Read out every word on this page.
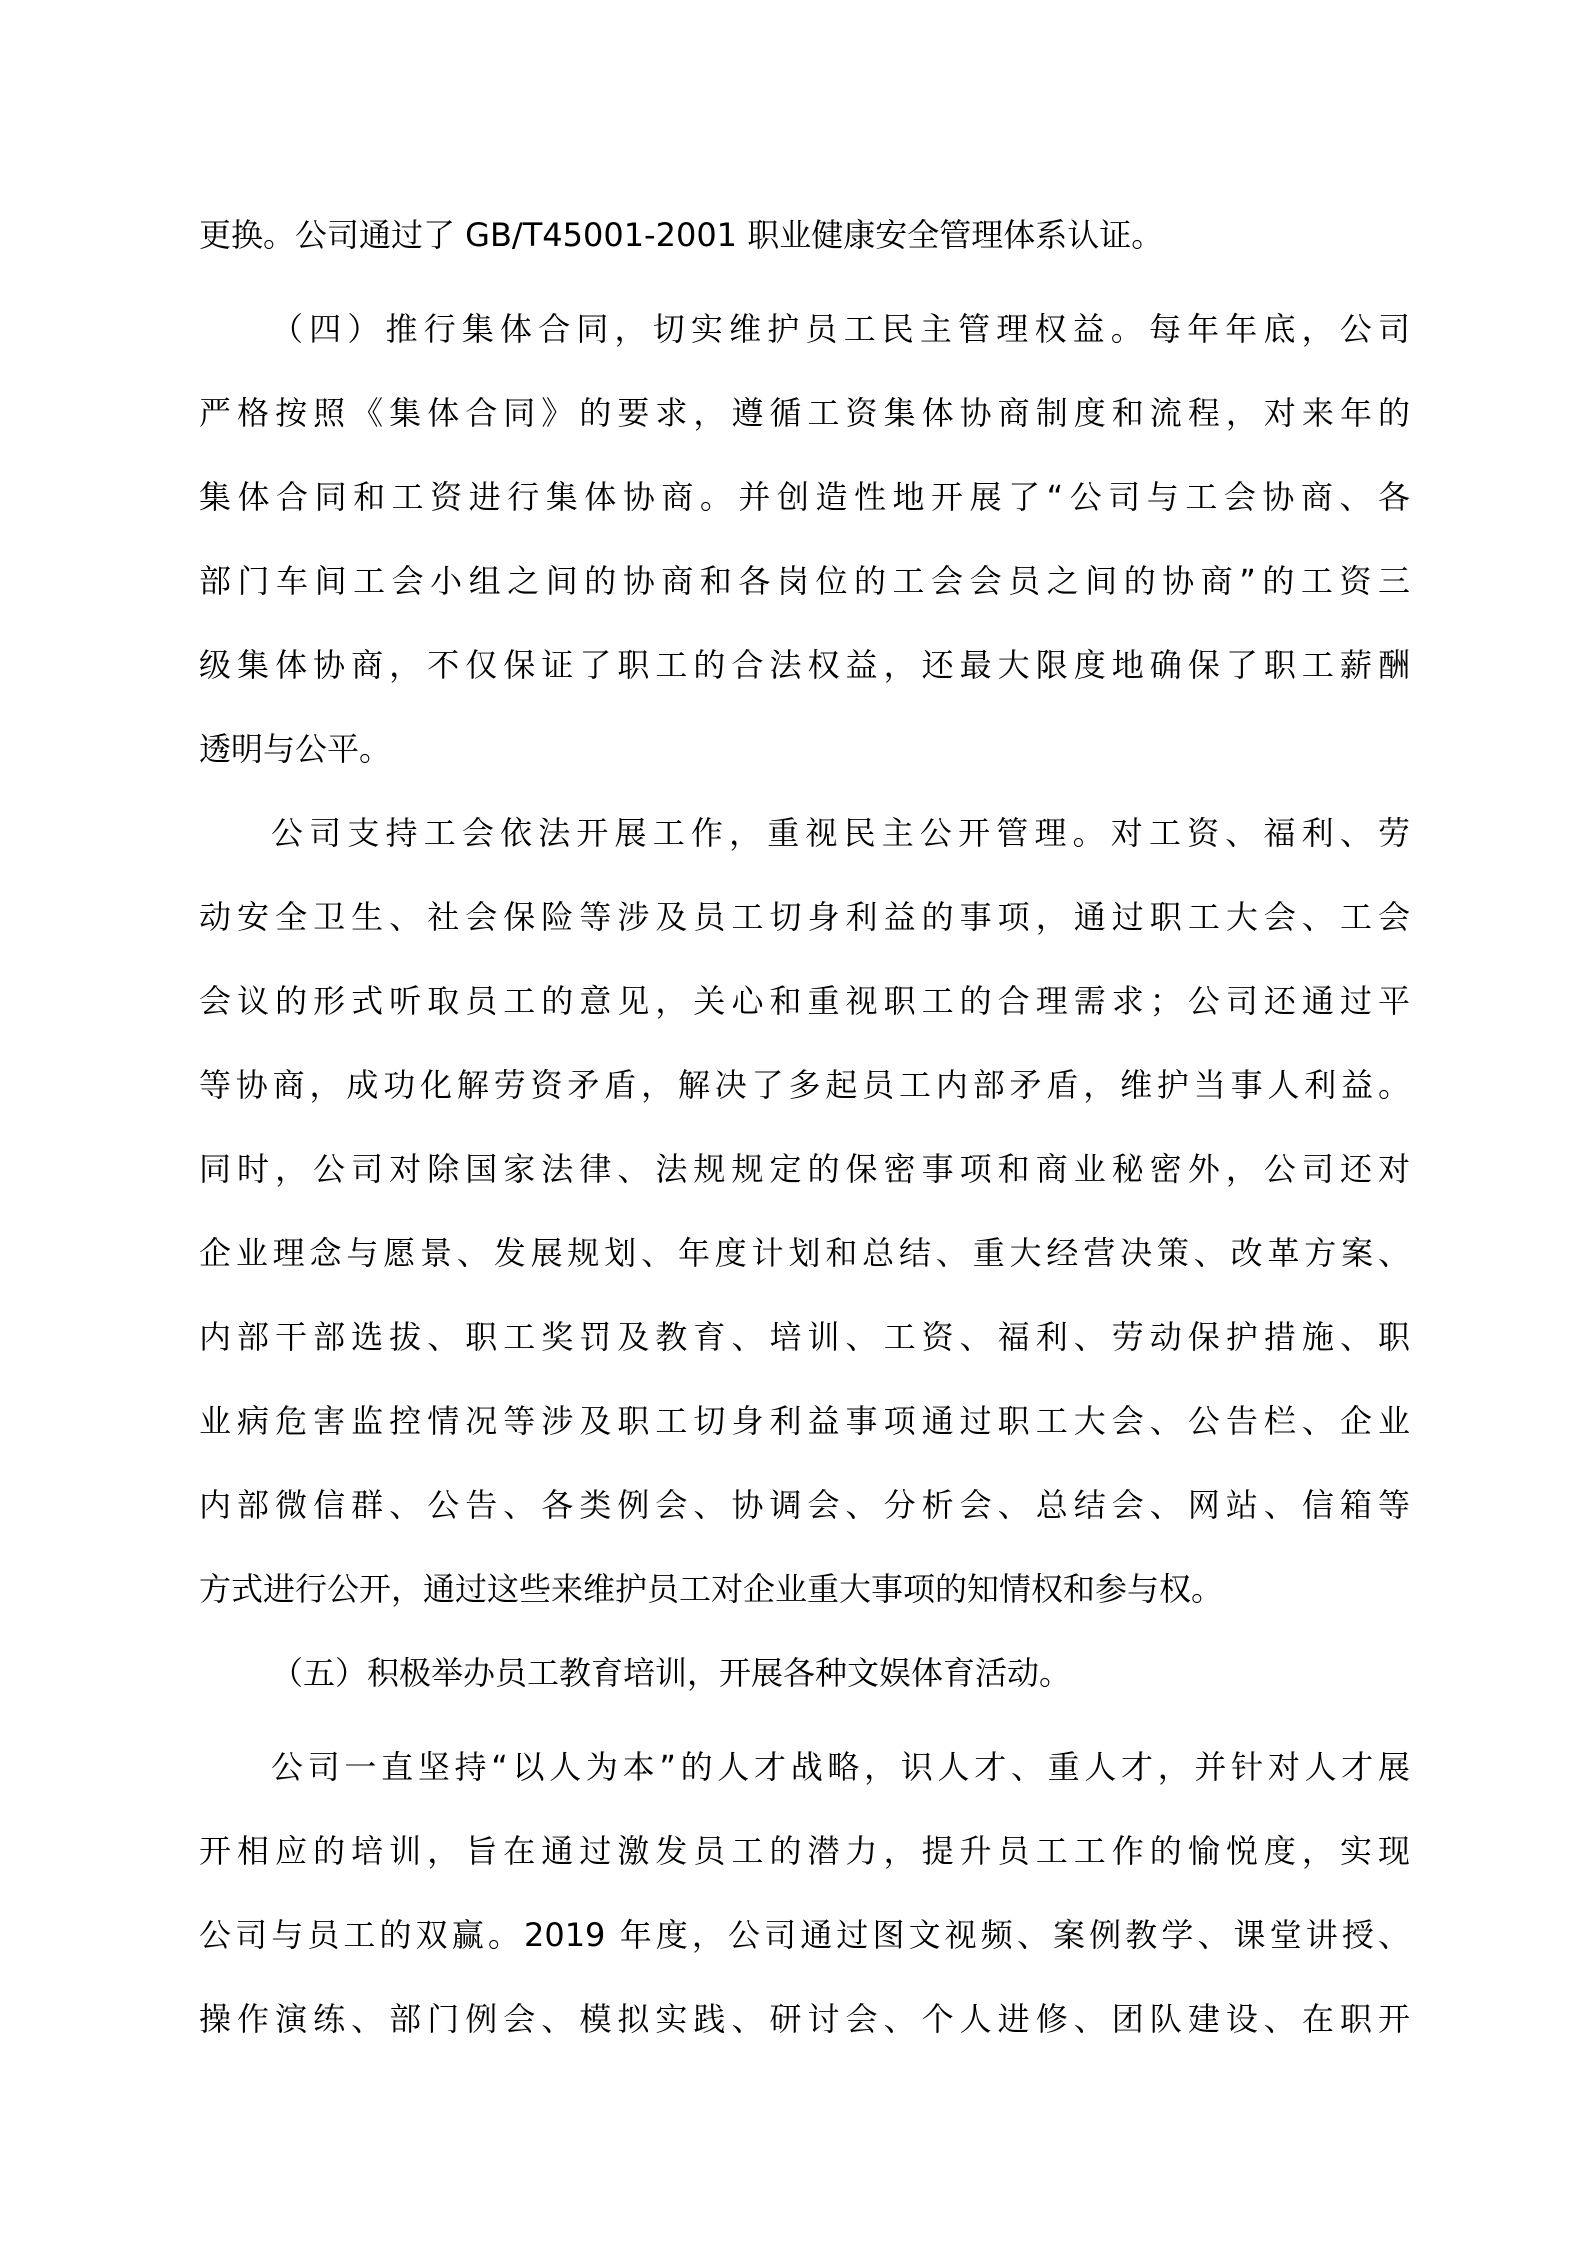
更换。公司通过了 GB/T45001-2001 职业健康安全管理体系认证。
（四）推行集体合同，切实维护员工民主管理权益。每年年底，公司
严格按照《集体合同》的要求，遵循工资集体协商制度和流程，对来年的
集体合同和工资进行集体协商。并创造性地开展了“公司与工会协商、各
部门车间工会小组之间的协商和各岗位的工会会员之间的协商”的工资三
级集体协商，不仅保证了职工的合法权益，还最大限度地确保了职工薪酬
透明与公平。
公司支持工会依法开展工作，重视民主公开管理。对工资、福利、劳
动安全卫生、社会保险等涉及员工切身利益的事项，通过职工大会、工会
会议的形式听取员工的意见，关心和重视职工的合理需求；公司还通过平
等协商，成功化解劳资矛盾，解决了多起员工内部矛盾，维护当事人利益。
同时，公司对除国家法律、法规规定的保密事项和商业秘密外，公司还对
企业理念与愿景、发展规划、年度计划和总结、重大经营决策、改革方案、
内部干部选拔、职工奖罚及教育、培训、工资、福利、劳动保护措施、职
业病危害监控情况等涉及职工切身利益事项通过职工大会、公告栏、企业
内部微信群、公告、各类例会、协调会、分析会、总结会、网站、信箱等
方式进行公开，通过这些来维护员工对企业重大事项的知情权和参与权。
（五）积极举办员工教育培训，开展各种文娱体育活动。
公司一直坚持“以人为本”的人才战略，识人才、重人才，并针对人才展
开相应的培训，旨在通过激发员工的潜力，提升员工工作的愉悦度，实现
公司与员工的双赢。2019 年度，公司通过图文视频、案例教学、课堂讲授、
操作演练、部门例会、模拟实践、研讨会、个人进修、团队建设、在职开
